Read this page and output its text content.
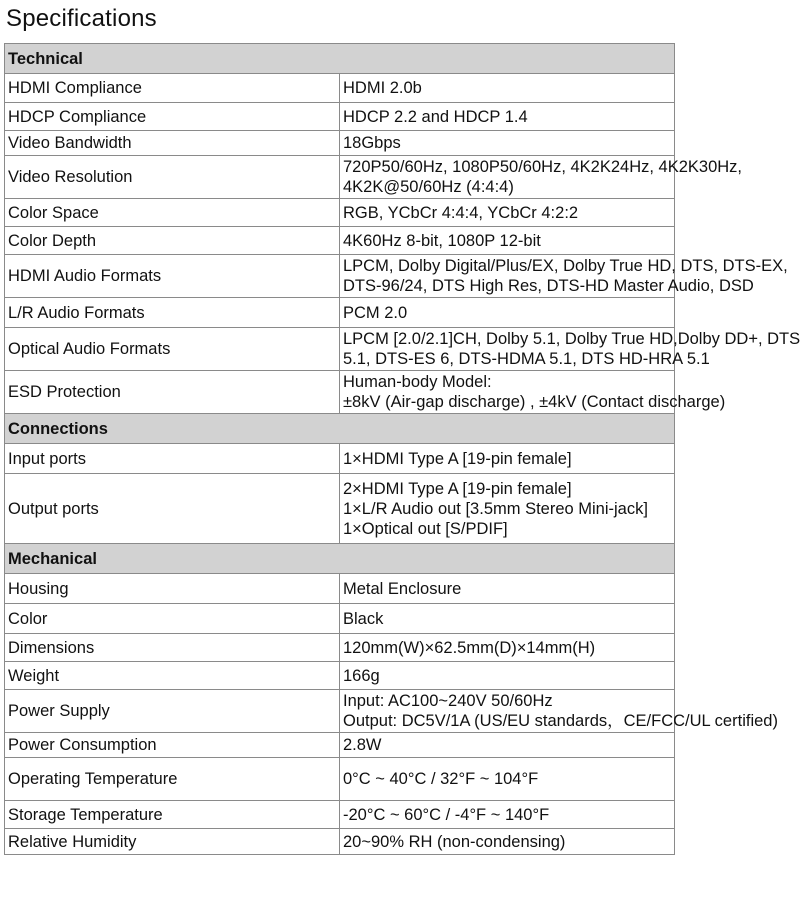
Specifications
Technical	
HDMI Compliance	HDMI 2.0b

HDCP Compliance	HDCP 2.2 and HDCP 1.4

Video Bandwidth	18Gbps

Video Resolution	720P50/60Hz, 1080P50/60Hz, 4K2K24Hz, 4K2K30Hz,
4K2K@50/60Hz (4:4:4)

Color Space	RGB, YCbCr 4:4:4, YCbCr 4:2:2

Color Depth	4K60Hz 8-bit, 1080P 12-bit

HDMI Audio Formats	LPCM, Dolby Digital/Plus/EX, Dolby True HD, DTS, DTS-EX,
DTS-96/24, DTS High Res, DTS-HD Master Audio, DSD

L/R Audio Formats	PCM 2.0

Optical Audio Formats	LPCM [2.0/2.1]CH, Dolby 5.1, Dolby True HD,Dolby DD+, DTS
5.1, DTS-ES 6, DTS-HDMA 5.1, DTS HD-HRA 5.1

ESD Protection	Human-body Model:
±8kV (Air-gap discharge) , ±4kV (Contact discharge)

Connections	
Input ports	1×HDMI Type A [19-pin female]

Output ports	2×HDMI Type A [19-pin female]
1×L/R Audio out [3.5mm Stereo Mini-jack]
1×Optical out [S/PDIF]

Mechanical	
Housing	Metal Enclosure

Color	Black

Dimensions	120mm(W)×62.5mm(D)×14mm(H)

Weight	166g

Power Supply	Input: AC100~240V 50/60Hz
Output: DC5V/1A (US/EU standards，CE/FCC/UL certified)

Power Consumption	2.8W

Operating Temperature	0°C ~ 40°C / 32°F ~ 104°F

Storage Temperature	-20°C ~ 60°C / -4°F ~ 140°F

Relative Humidity	20~90% RH (non-condensing)
